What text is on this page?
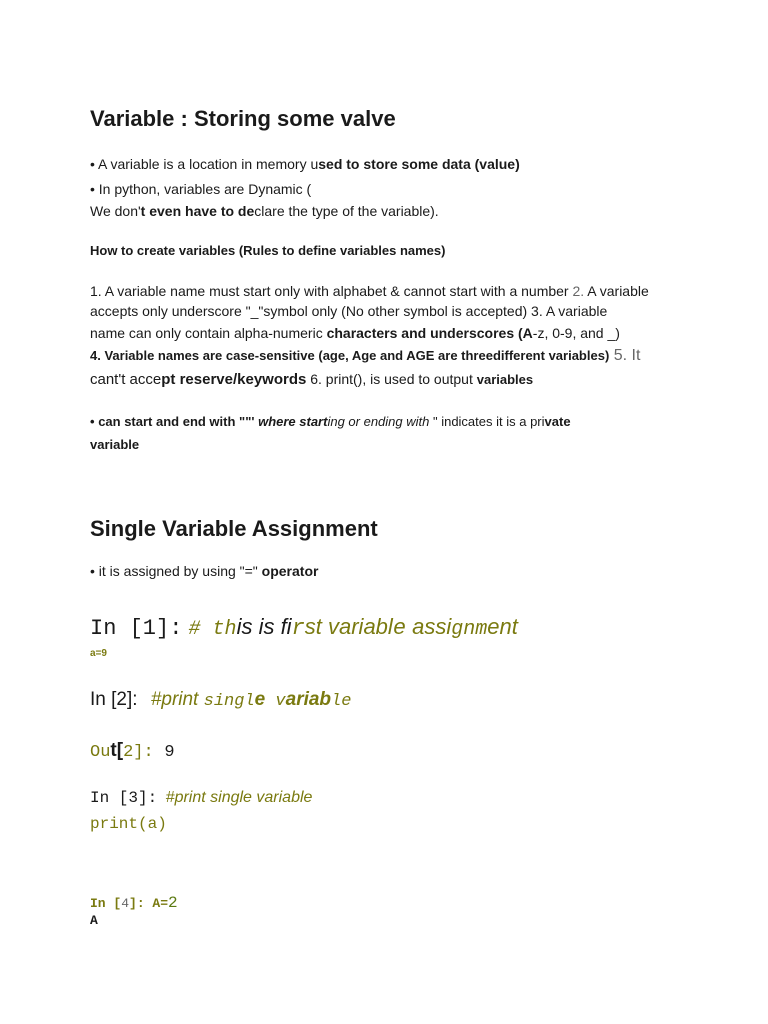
Variable : Storing some valve
• A variable is a location in memory used to store some data (value)
• In python, variables are Dynamic (
We don't even have to declare the type of the variable).
How to create variables (Rules to define variables names)
1. A variable name must start only with alphabet & cannot start with a number 2. A variable
accepts only underscore "_"symbol only (No other symbol is accepted) 3. A variable
name can only contain alpha-numeric characters and underscores (A-z, 0-9, and _)
4. Variable names are case-sensitive (age, Age and AGE are threedifferent variables) 5. It
cant't accept reserve/keywords 6. print(), is used to output variables
• can start and end with ""' where starting or ending with " indicates it is a private
variable
Single Variable Assignment
• it is assigned by using "=" operator
In [1]: # this is first variable assignment
a=9
In [2]: #print single variable
Out[2]: 9
In [3]: #print single variable
print(a)
In [4]: A=2
A
